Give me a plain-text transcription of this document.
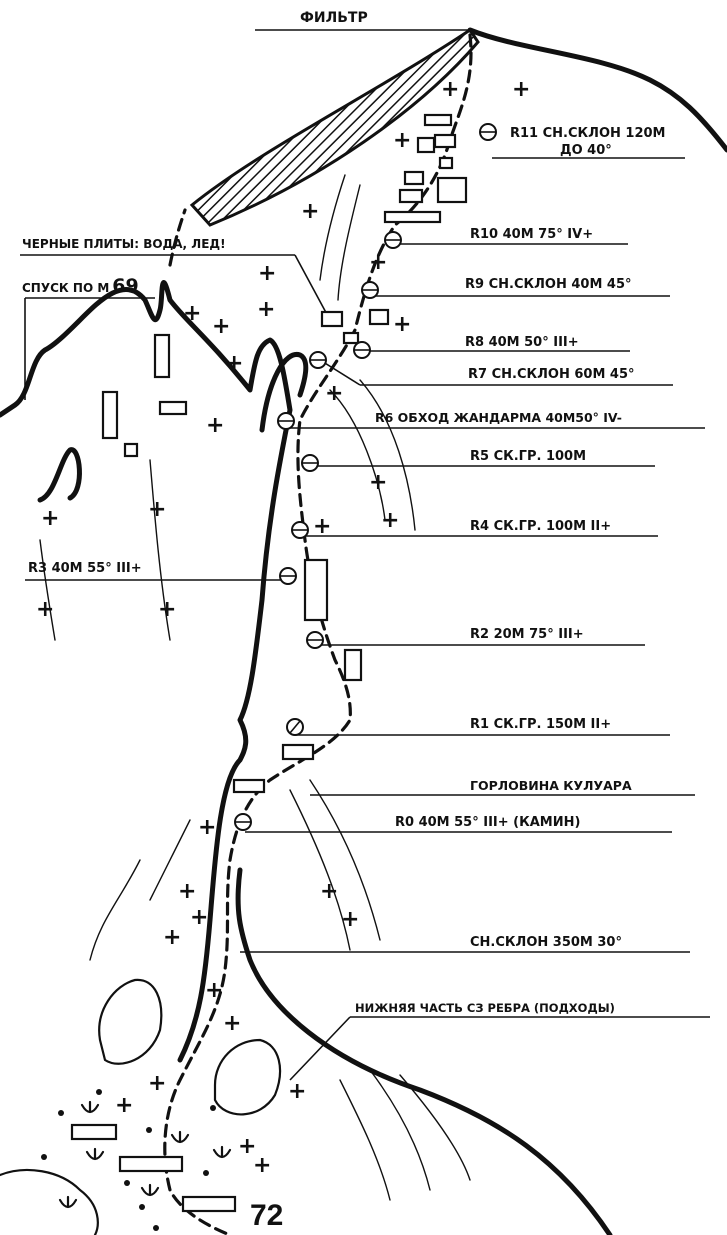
ФИЛЬТР
+ +
+
+
+
+
+
+
+
+
+
+
+
+
+
+
+	+
+	+
+
+
+
+
+
+
+
+
+
+
+
+
+
R11 СН.СКЛОН 120М
ДО 40°
ЧЕРНЫЕ ПЛИТЫ: ВОДА, ЛЕД!
R10 40М 75° IV+
СПУСК ПО М 69	R9 СН.СКЛОН 40М 45°
R8 40М 50° III+
R7 СН.СКЛОН 60М 45°
R6 ОБХОД ЖАНДАРМА 40М50° IV-
R5 СК.ГР. 100М
R4 СК.ГР. 100М II+
R3 40М 55° III+
R2 20М 75° III+
R1 СК.ГР. 150М II+
ГОРЛОВИНА КУЛУАРА
R0 40М 55° III+ (КАМИН)
СН.СКЛОН 350М 30°
НИЖНЯЯ ЧАСТЬ СЗ РЕБРА (ПОДХОДЫ)
72
